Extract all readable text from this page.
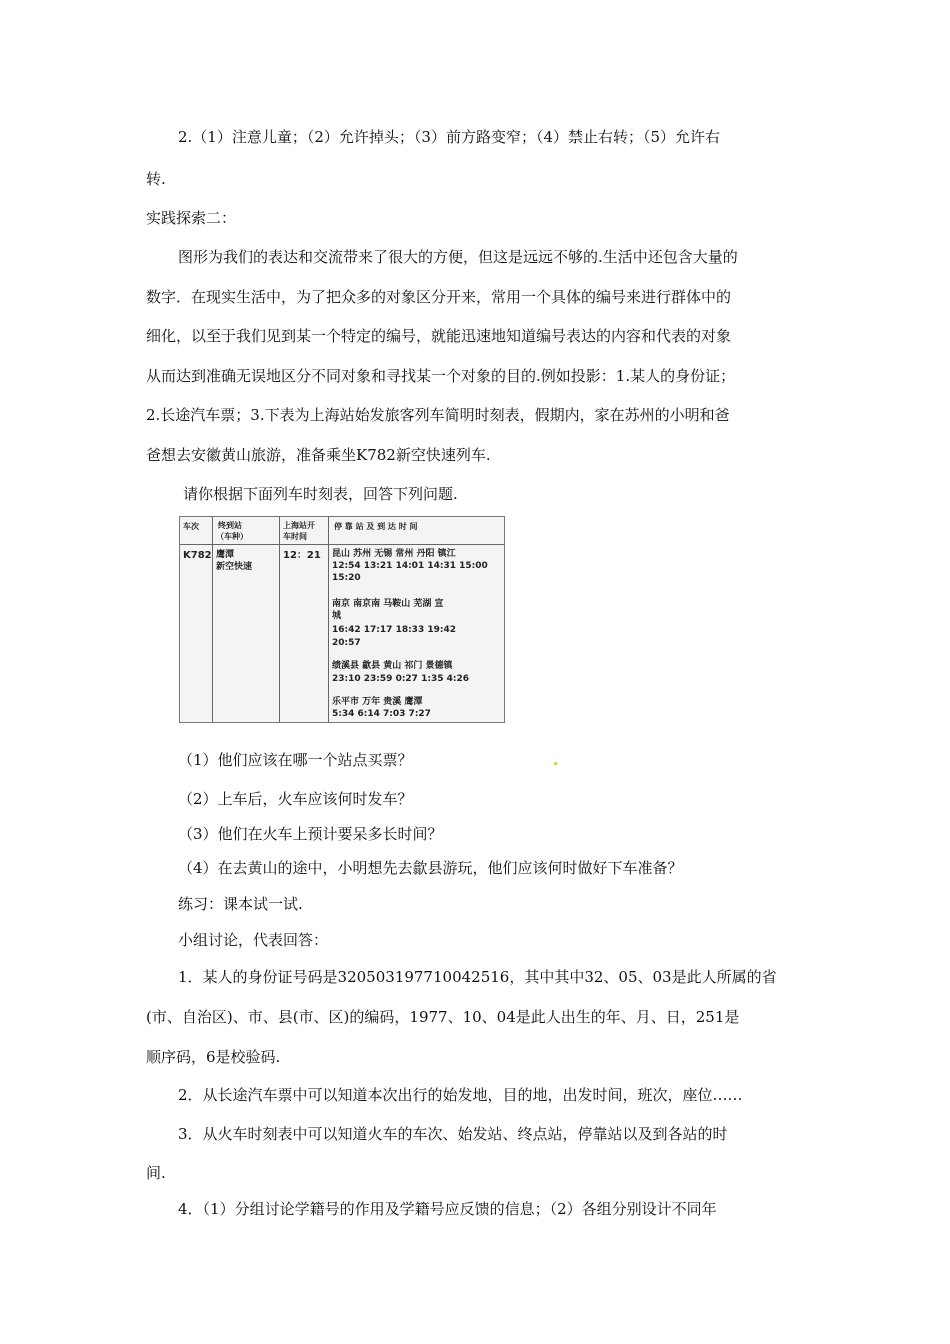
2.（1）注意儿童；（2）允许掉头；（3）前方路变窄；（4）禁止右转；（5）允许右
转.
实践探索二：
图形为我们的表达和交流带来了很大的方便，但这是远远不够的.生活中还包含大量的
数字．在现实生活中，为了把众多的对象区分开来，常用一个具体的编号来进行群体中的
细化，以至于我们见到某一个特定的编号，就能迅速地知道编号表达的内容和代表的对象
从而达到准确无误地区分不同对象和寻找某一个对象的目的.例如投影：1.某人的身份证；
2.长途汽车票；3.下表为上海站始发旅客列车简明时刻表，假期内，家在苏州的小明和爸
爸想去安徽黄山旅游，准备乘坐K782新空快速列车.
请你根据下面列车时刻表，回答下列问题.
车次 终到站
（车种）
上海站开
车时间
停 靠 站 及 到 达 时 间
K782 鹰潭
新空快速
12：21 昆山 苏州 无锡 常州 丹阳 镇江
12:54 13:21 14:01 14:31 15:00
15:20
南京 南京南 马鞍山 芜湖 宣
城
16:42 17:17 18:33 19:42
20:57
绩溪县 歙县 黄山 祁门 景德镇
23:10 23:59 0:27 1:35 4:26
乐平市 万年 贵溪 鹰潭
5:34 6:14 7:03 7:27
（1）他们应该在哪一个站点买票？
（2）上车后，火车应该何时发车？
（3）他们在火车上预计要呆多长时间？
（4）在去黄山的途中，小明想先去歙县游玩，他们应该何时做好下车准备？
练习：课本试一试.
小组讨论，代表回答：
1．某人的身份证号码是320503197710042516，其中其中32、05、03是此人所属的省
(市、自治区)、市、县(市、区)的编码，1977、10、04是此人出生的年、月、日，251是
顺序码，6是校验码.
2．从长途汽车票中可以知道本次出行的始发地，目的地，出发时间，班次，座位……
3．从火车时刻表中可以知道火车的车次、始发站、终点站，停靠站以及到各站的时
间.
4．（1）分组讨论学籍号的作用及学籍号应反馈的信息；（2）各组分别设计不同年
